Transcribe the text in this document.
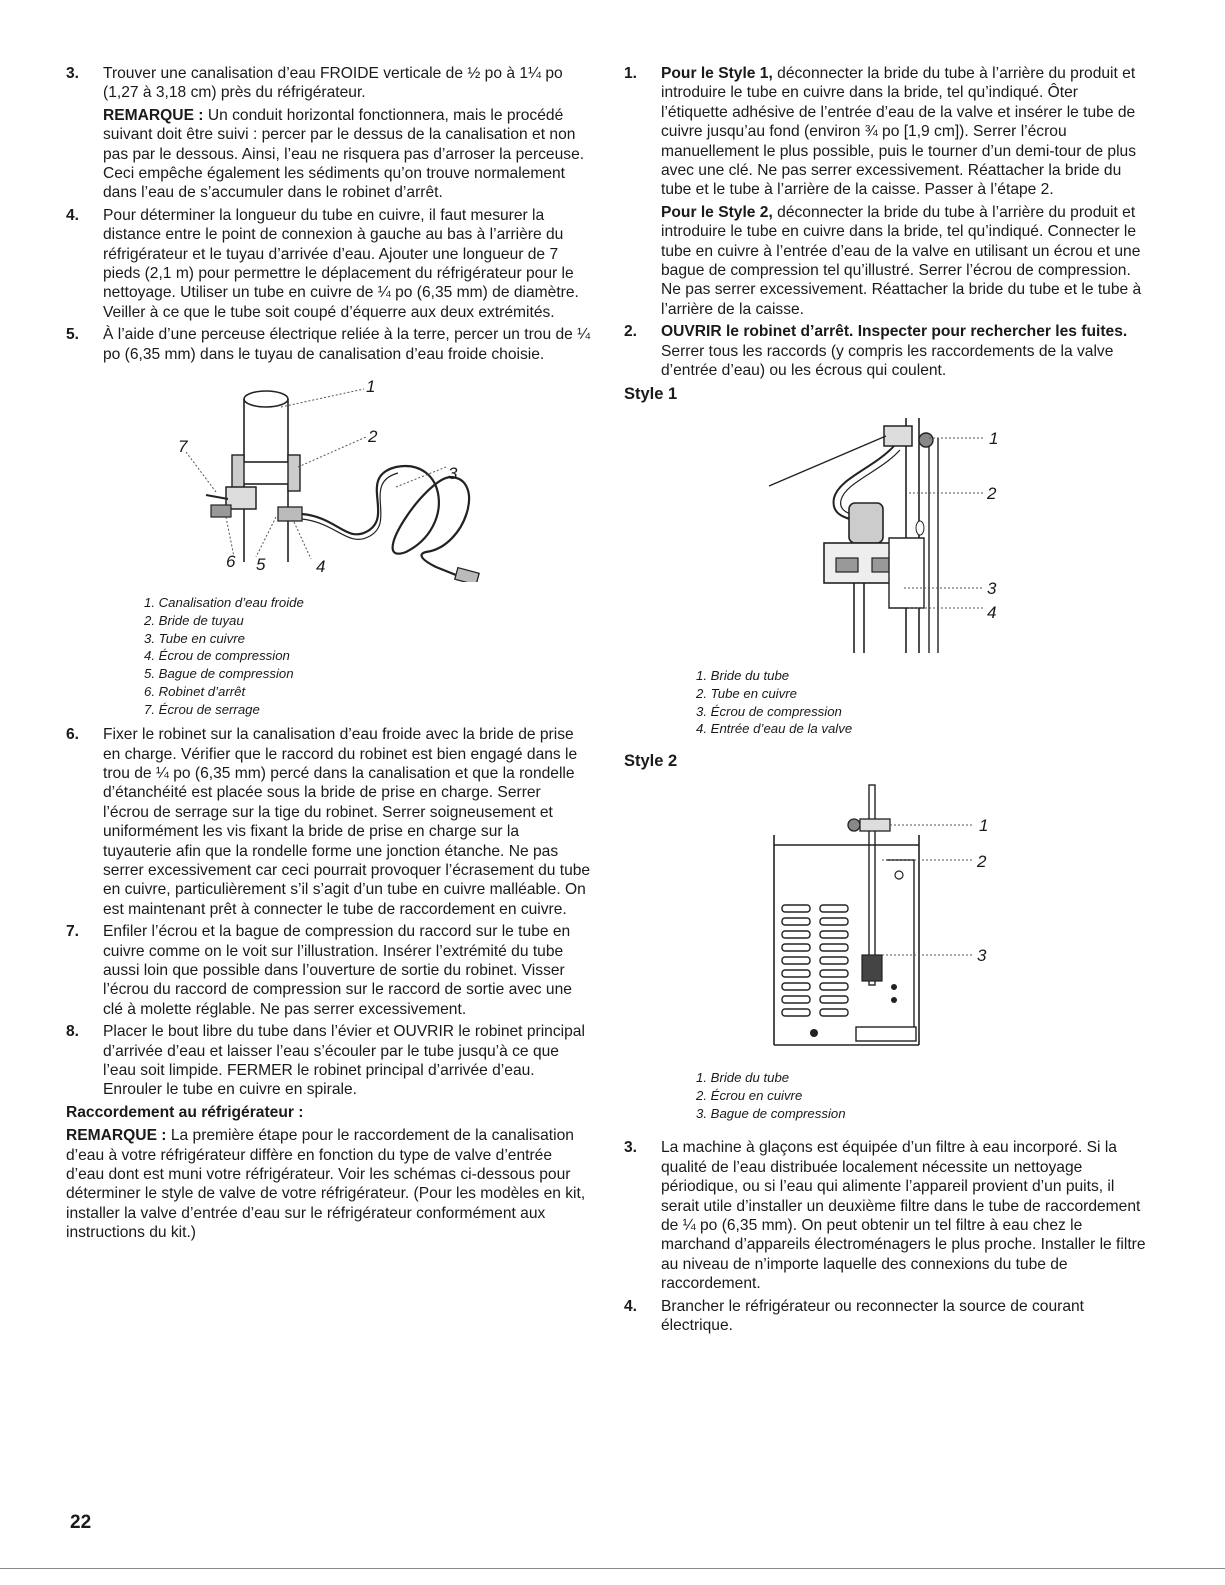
3. Trouver une canalisation d’eau FROIDE verticale de ½ po à 1¼ po (1,27 à 3,18 cm) près du réfrigérateur.

REMARQUE : Un conduit horizontal fonctionnera, mais le procédé suivant doit être suivi : percer par le dessus de la canalisation et non pas par le dessous. Ainsi, l’eau ne risquera pas d’arroser la perceuse. Ceci empêche également les sédiments qu’on trouve normalement dans l’eau de s’accumuler dans le robinet d’arrêt.

4. Pour déterminer la longueur du tube en cuivre, il faut mesurer la distance entre le point de connexion à gauche au bas à l’arrière du réfrigérateur et le tuyau d’arrivée d’eau. Ajouter une longueur de 7 pieds (2,1 m) pour permettre le déplacement du réfrigérateur pour le nettoyage. Utiliser un tube en cuivre de ¼ po (6,35 mm) de diamètre. Veiller à ce que le tube soit coupé d’équerre aux deux extrémités.

5. À l’aide d’une perceuse électrique reliée à la terre, percer un trou de ¼ po (6,35 mm) dans le tuyau de canalisation d’eau froide choisie.

1
2
3
4
5
6
7
1. Canalisation d’eau froide
2. Bride de tuyau
3. Tube en cuivre
4. Écrou de compression
5. Bague de compression
6. Robinet d’arrêt
7. Écrou de serrage
6. Fixer le robinet sur la canalisation d’eau froide avec la bride de prise en charge. Vérifier que le raccord du robinet est bien engagé dans le trou de ¼ po (6,35 mm) percé dans la canalisation et que la rondelle d’étanchéité est placée sous la bride de prise en charge. Serrer l’écrou de serrage sur la tige du robinet. Serrer soigneusement et uniformément les vis fixant la bride de prise en charge sur la tuyauterie afin que la rondelle forme une jonction étanche. Ne pas serrer excessivement car ceci pourrait provoquer l’écrasement du tube en cuivre, particulièrement s’il s’agit d’un tube en cuivre malléable. On est maintenant prêt à connecter le tube de raccordement en cuivre.

7. Enfiler l’écrou et la bague de compression du raccord sur le tube en cuivre comme on le voit sur l’illustration. Insérer l’extrémité du tube aussi loin que possible dans l’ouverture de sortie du robinet. Visser l’écrou du raccord de compression sur le raccord de sortie avec une clé à molette réglable. Ne pas serrer excessivement.

8. Placer le bout libre du tube dans l’évier et OUVRIR le robinet principal d’arrivée d’eau et laisser l’eau s’écouler par le tube jusqu’à ce que l’eau soit limpide. FERMER le robinet principal d’arrivée d’eau. Enrouler le tube en cuivre en spirale.

Raccordement au réfrigérateur :

REMARQUE : La première étape pour le raccordement de la canalisation d’eau à votre réfrigérateur diffère en fonction du type de valve d’entrée d’eau dont est muni votre réfrigérateur. Voir les schémas ci-dessous pour déterminer le style de valve de votre réfrigérateur. (Pour les modèles en kit, installer la valve d’entrée d’eau sur le réfrigérateur conformément aux instructions du kit.)

1. Pour le Style 1, déconnecter la bride du tube à l’arrière du produit et introduire le tube en cuivre dans la bride, tel qu’indiqué. Ôter l’étiquette adhésive de l’entrée d’eau de la valve et insérer le tube de cuivre jusqu’au fond (environ ¾ po [1,9 cm]). Serrer l’écrou manuellement le plus possible, puis le tourner d’un demi-tour de plus avec une clé. Ne pas serrer excessivement. Réattacher la bride du tube et le tube à l’arrière de la caisse. Passer à l’étape 2.

Pour le Style 2, déconnecter la bride du tube à l’arrière du produit et introduire le tube en cuivre dans la bride, tel qu’indiqué. Connecter le tube en cuivre à l’entrée d’eau de la valve en utilisant un écrou et une bague de compression tel qu’illustré. Serrer l’écrou de compression. Ne pas serrer excessivement. Réattacher la bride du tube et le tube à l’arrière de la caisse.

2. OUVRIR le robinet d’arrêt. Inspecter pour rechercher les fuites. Serrer tous les raccords (y compris les raccordements de la valve d’entrée d’eau) ou les écrous qui coulent.

Style 1
1
2
3
4
1. Bride du tube
2. Tube en cuivre
3. Écrou de compression
4. Entrée d’eau de la valve
Style 2
1
2
3
1. Bride du tube
2. Écrou en cuivre
3. Bague de compression
3. La machine à glaçons est équipée d’un filtre à eau incorporé. Si la qualité de l’eau distribuée localement nécessite un nettoyage périodique, ou si l’eau qui alimente l’appareil provient d’un puits, il serait utile d’installer un deuxième filtre dans le tube de raccordement de ¼ po (6,35 mm). On peut obtenir un tel filtre à eau chez le marchand d’appareils électroménagers le plus proche. Installer le filtre au niveau de n’importe laquelle des connexions du tube de raccordement.

4. Brancher le réfrigérateur ou reconnecter la source de courant électrique.

22
